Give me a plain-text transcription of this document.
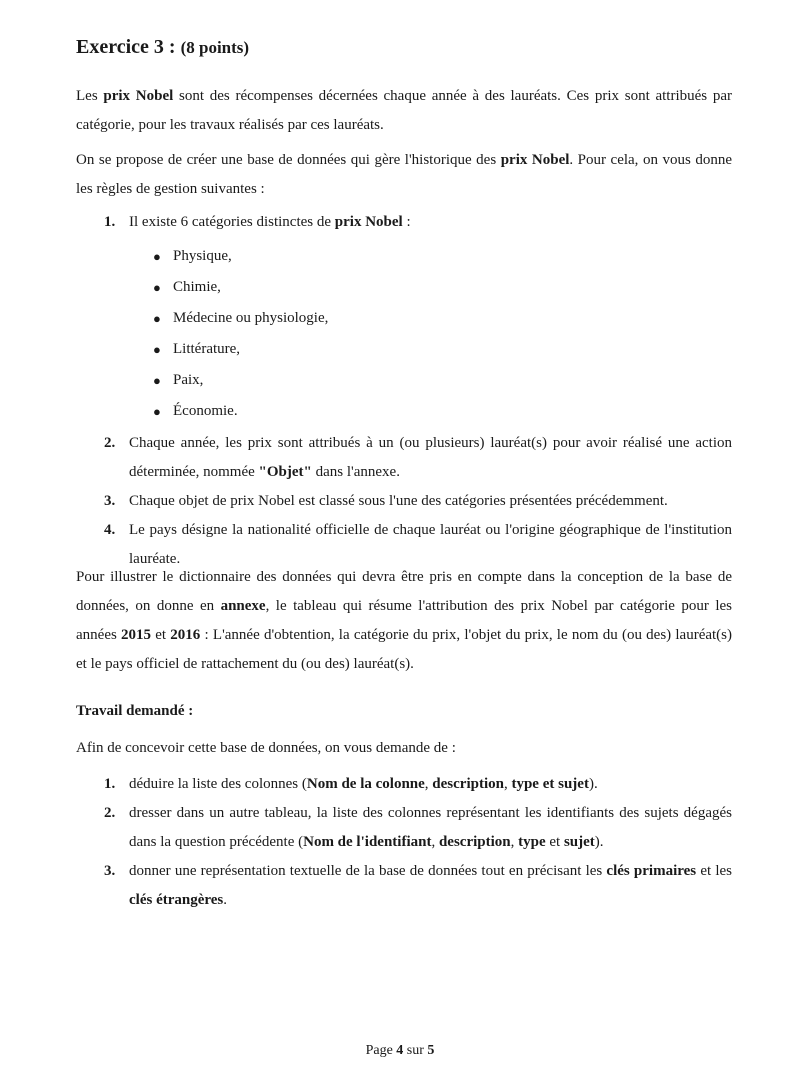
Exercice 3 : (8 points)

Les prix Nobel sont des récompenses décernées chaque année à des lauréats. Ces prix sont attribués par catégorie, pour les travaux réalisés par ces lauréats.

On se propose de créer une base de données qui gère l'historique des prix Nobel. Pour cela, on vous donne les règles de gestion suivantes :

1. Il existe 6 catégories distinctes de prix Nobel :
● Physique,
● Chimie,
● Médecine ou physiologie,
● Littérature,
● Paix,
● Économie.
2. Chaque année, les prix sont attribués à un (ou plusieurs) lauréat(s) pour avoir réalisé une action déterminée, nommée "Objet" dans l'annexe.
3. Chaque objet de prix Nobel est classé sous l'une des catégories présentées précédemment.
4. Le pays désigne la nationalité officielle de chaque lauréat ou l'origine géographique de l'institution lauréate.

Pour illustrer le dictionnaire des données qui devra être pris en compte dans la conception de la base de données, on donne en annexe, le tableau qui résume l'attribution des prix Nobel par catégorie pour les années 2015 et 2016 : L'année d'obtention, la catégorie du prix, l'objet du prix, le nom du (ou des) lauréat(s) et le pays officiel de rattachement du (ou des) lauréat(s).

Travail demandé :

Afin de concevoir cette base de données, on vous demande de :

1. déduire la liste des colonnes (Nom de la colonne, description, type et sujet).
2. dresser dans un autre tableau, la liste des colonnes représentant les identifiants des sujets dégagés dans la question précédente (Nom de l'identifiant, description, type et sujet).
3. donner une représentation textuelle de la base de données tout en précisant les clés primaires et les clés étrangères.
Page 4 sur 5
